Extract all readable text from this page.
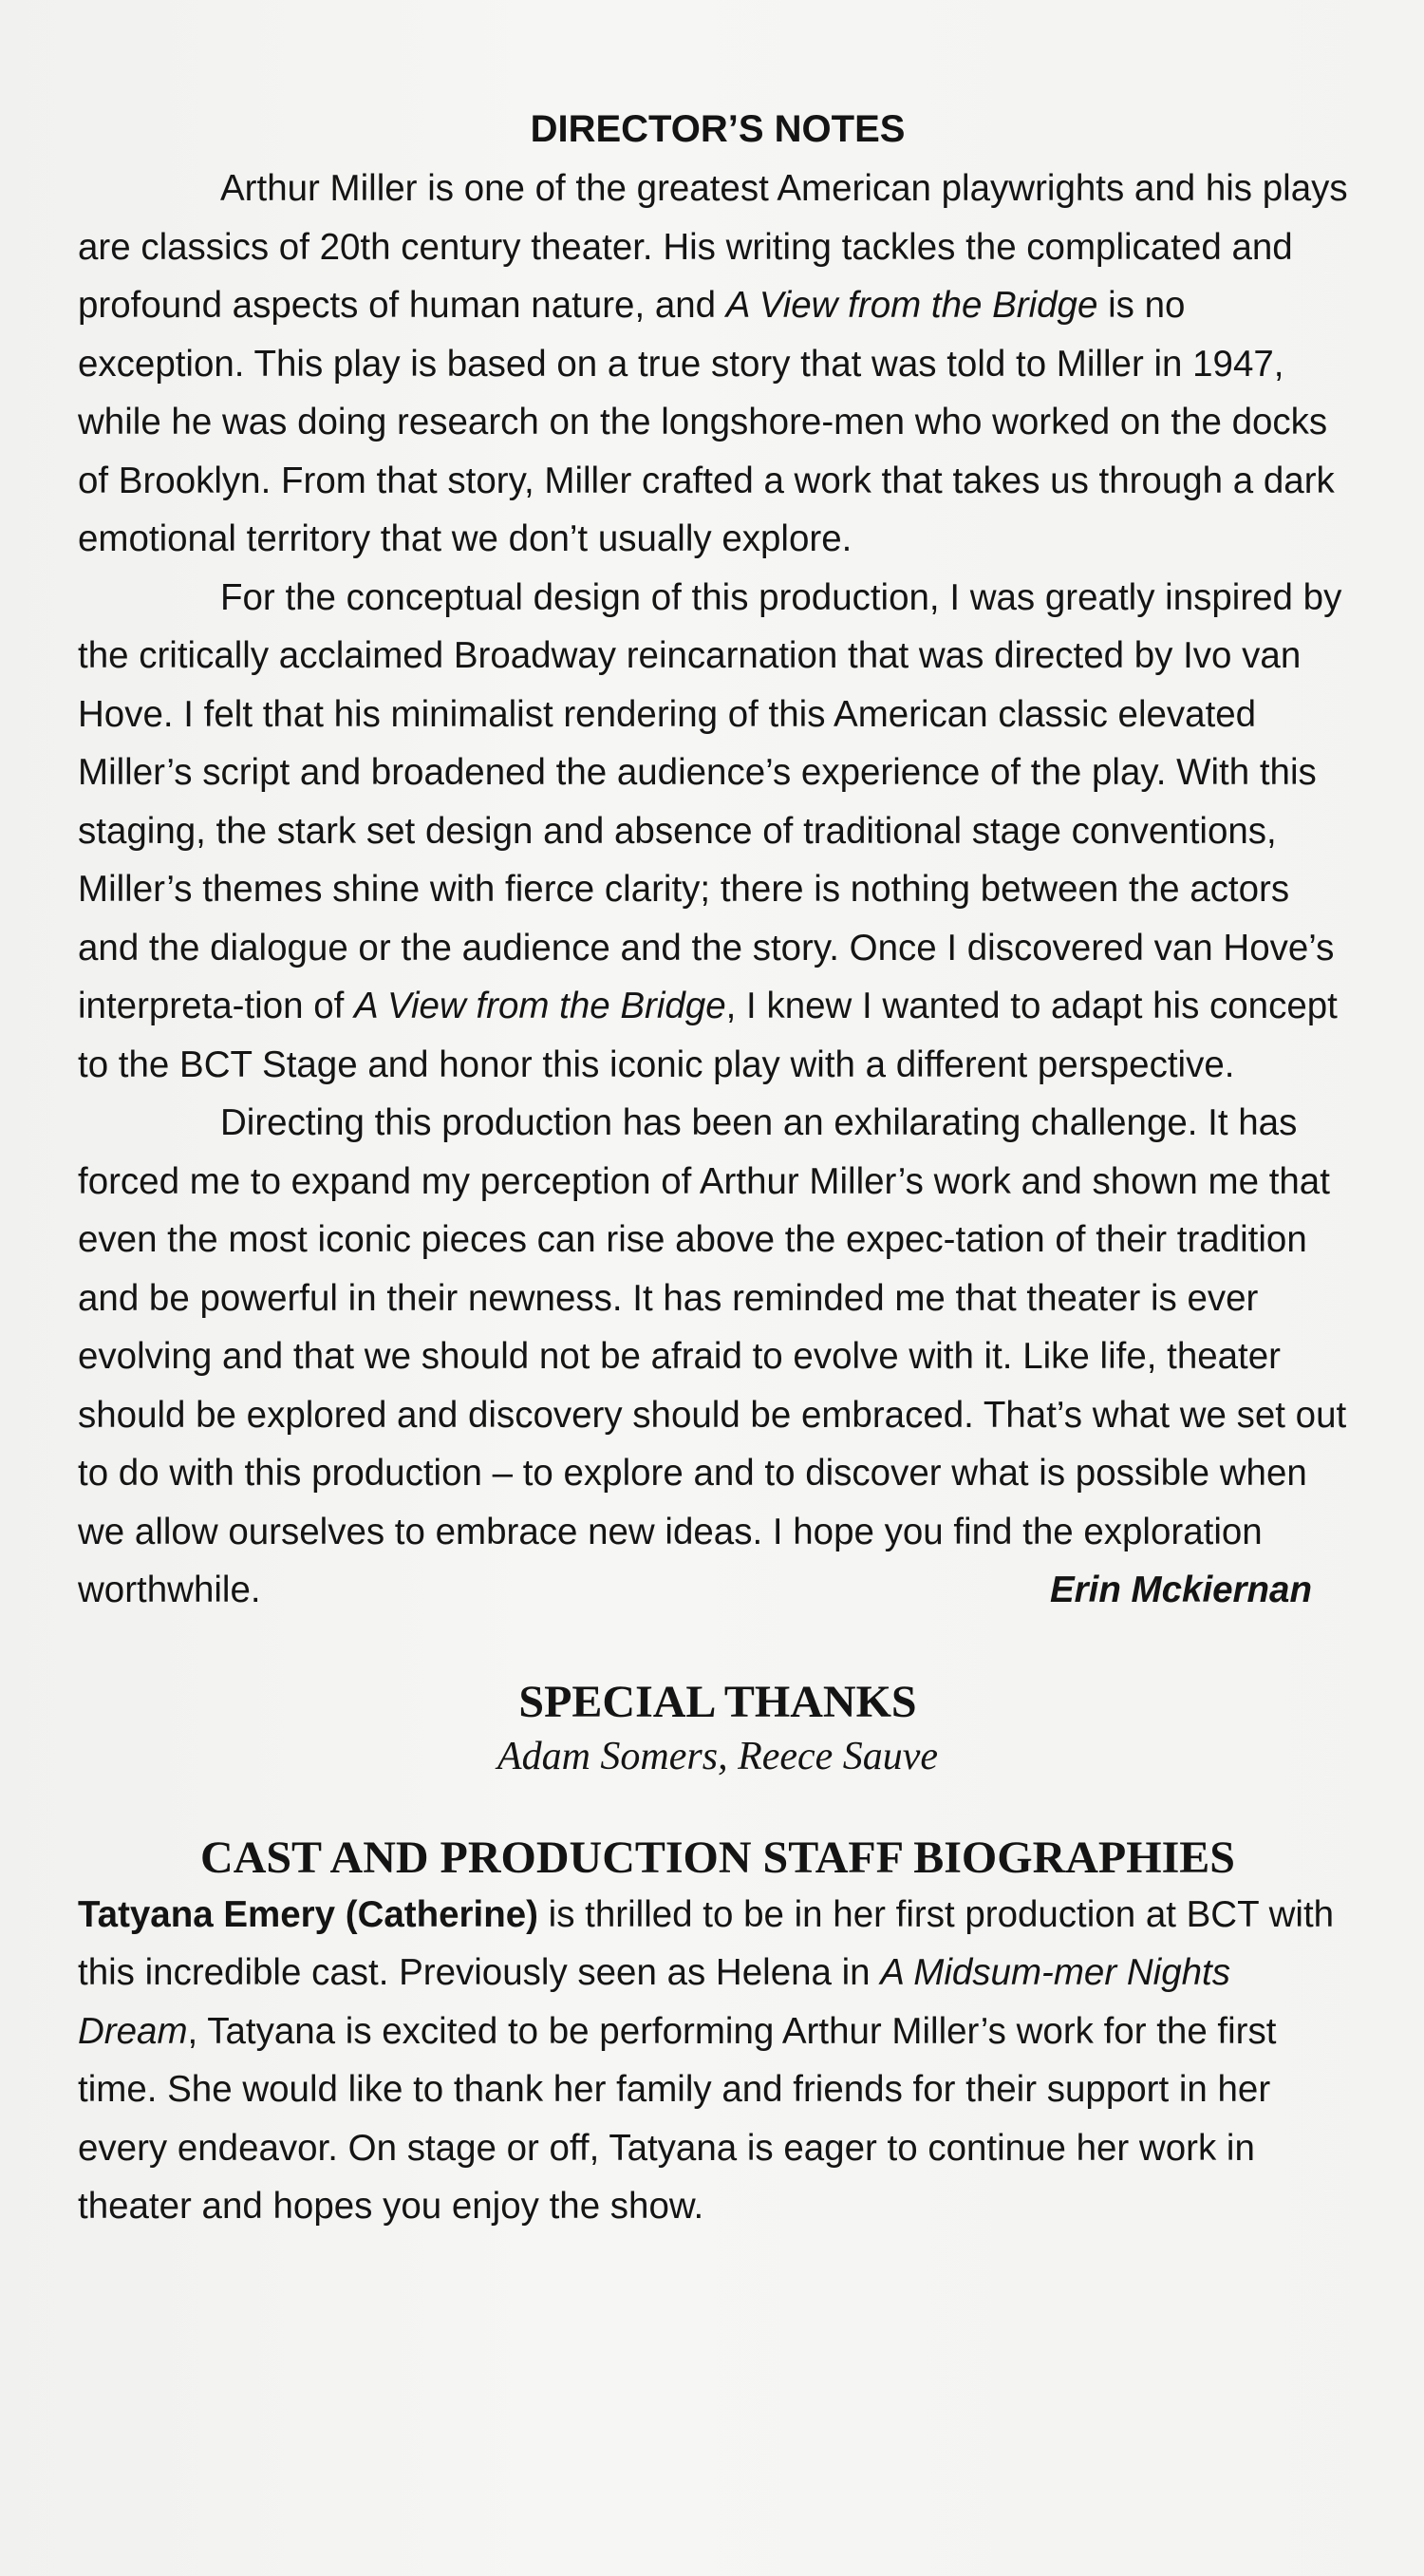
DIRECTOR’S NOTES

Arthur Miller is one of the greatest American playwrights and his plays are classics of 20th century theater. His writing tackles the complicated and profound aspects of human nature, and A View from the Bridge is no exception. This play is based on a true story that was told to Miller in 1947, while he was doing research on the longshore-men who worked on the docks of Brooklyn. From that story, Miller crafted a work that takes us through a dark emotional territory that we don’t usually explore.

For the conceptual design of this production, I was greatly inspired by the critically acclaimed Broadway reincarnation that was directed by Ivo van Hove. I felt that his minimalist rendering of this American classic elevated Miller’s script and broadened the audience’s experience of the play. With this staging, the stark set design and absence of traditional stage conventions, Miller’s themes shine with fierce clarity; there is nothing between the actors and the dialogue or the audience and the story. Once I discovered van Hove’s interpreta-tion of A View from the Bridge, I knew I wanted to adapt his concept to the BCT Stage and honor this iconic play with a different perspective.

Directing this production has been an exhilarating challenge. It has forced me to expand my perception of Arthur Miller’s work and shown me that even the most iconic pieces can rise above the expec-tation of their tradition and be powerful in their newness. It has reminded me that theater is ever evolving and that we should not be afraid to evolve with it. Like life, theater should be explored and discovery should be embraced. That’s what we set out to do with this production – to explore and to discover what is possible when we allow ourselves to embrace new ideas. I hope you find the exploration

worthwhile.	Erin Mckiernan

SPECIAL THANKS
Adam Somers, Reece Sauve
CAST AND PRODUCTION STAFF BIOGRAPHIES

Tatyana Emery (Catherine) is thrilled to be in her first production at BCT with this incredible cast. Previously seen as Helena in A Midsum-mer Nights Dream, Tatyana is excited to be performing Arthur Miller’s work for the first time. She would like to thank her family and friends for their support in her every endeavor. On stage or off, Tatyana is eager to continue her work in theater and hopes you enjoy the show.
